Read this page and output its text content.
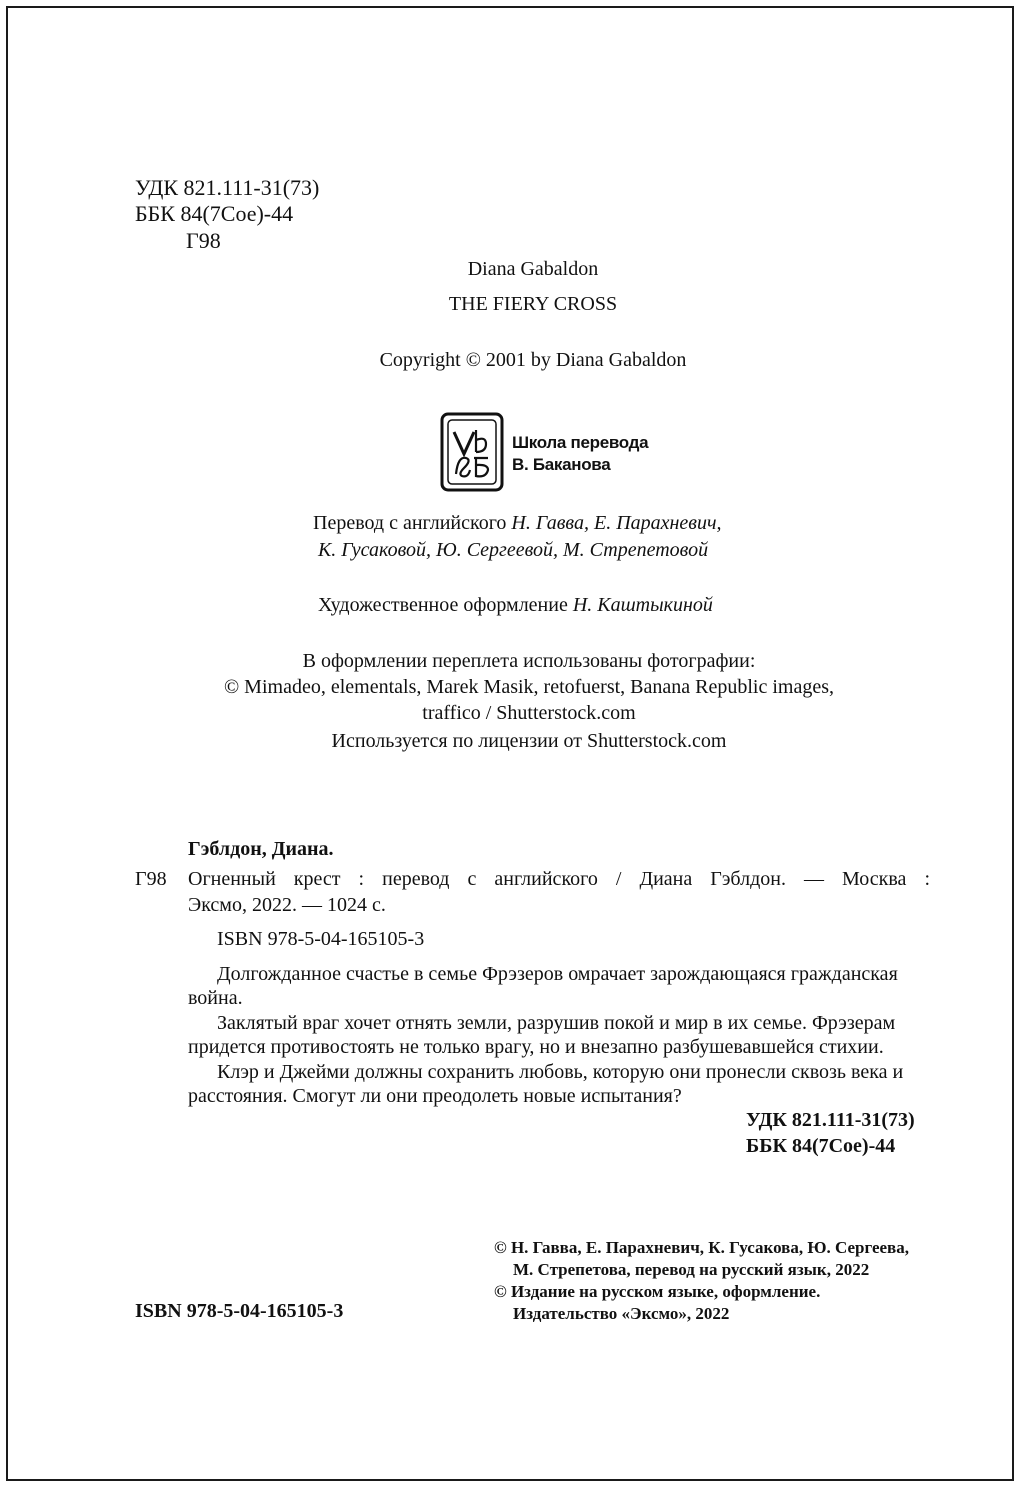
УДК 821.111-31(73)
ББК 84(7Сое)-44
Г98
Diana Gabaldon
THE FIERY CROSS
Copyright © 2001 by Diana Gabaldon
Школа перевода
В. Баканова
Перевод с английского Н. Гавва, Е. Парахневич,
К. Гусаковой, Ю. Сергеевой, М. Стрепетовой
Художественное оформление Н. Каштыкиной
В оформлении переплета использованы фотографии:
© Mimadeo, elementals, Marek Masik, retofuerst, Banana Republic images,
traffico / Shutterstock.com
Используется по лицензии от Shutterstock.com
Гэблдон, Диана.
Г98 Огненный крест : перевод с английского / Диана Гэблдон. — Москва :
Эксмо, 2022. — 1024 с.
ISBN 978-5-04-165105-3
Долгожданное счастье в семье Фрэзеров омрачает зарождающаяся гражданская
война.
Заклятый враг хочет отнять земли, разрушив покой и мир в их семье. Фрэзерам
придется противостоять не только врагу, но и внезапно разбушевавшейся стихии.
Клэр и Джейми должны сохранить любовь, которую они пронесли сквозь века и
расстояния. Смогут ли они преодолеть новые испытания?
УДК 821.111-31(73)
ББК 84(7Сое)-44
ISBN 978-5-04-165105-3
© Н. Гавва, Е. Парахневич, К. Гусакова, Ю. Сергеева,
М. Стрепетова, перевод на русский язык, 2022
© Издание на русском языке, оформление.
Издательство «Эксмо», 2022
